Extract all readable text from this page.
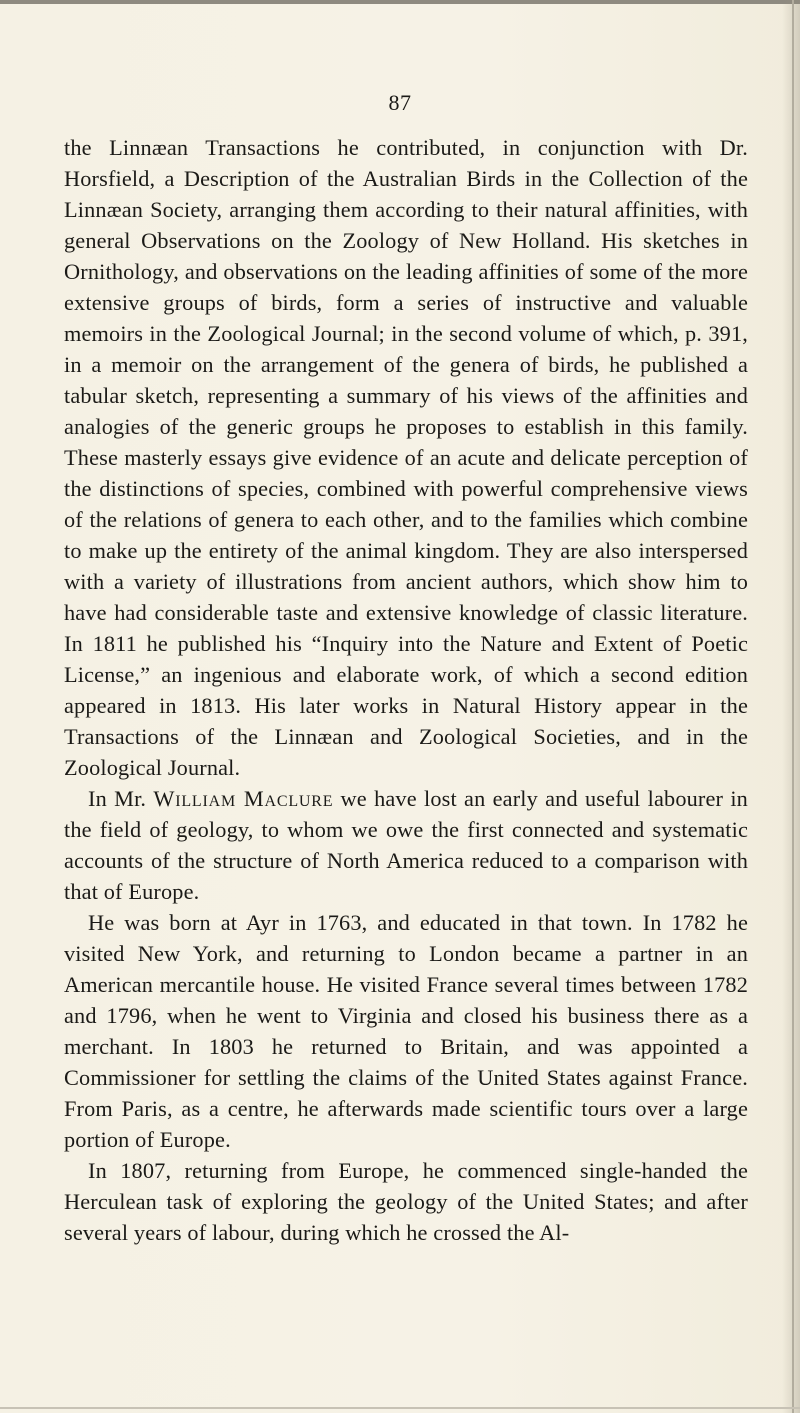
87

the Linnæan Transactions he contributed, in conjunction with Dr. Horsfield, a Description of the Australian Birds in the Collection of the Linnæan Society, arranging them according to their natural affinities, with general Observations on the Zoology of New Holland. His sketches in Ornithology, and observations on the leading affinities of some of the more extensive groups of birds, form a series of instructive and valuable memoirs in the Zoological Journal; in the second volume of which, p. 391, in a memoir on the arrangement of the genera of birds, he published a tabular sketch, representing a summary of his views of the affinities and analogies of the generic groups he proposes to establish in this family. These masterly essays give evidence of an acute and delicate perception of the distinctions of species, combined with powerful comprehensive views of the relations of genera to each other, and to the families which combine to make up the entirety of the animal kingdom. They are also interspersed with a variety of illustrations from ancient authors, which show him to have had considerable taste and extensive knowledge of classic literature. In 1811 he published his “Inquiry into the Nature and Extent of Poetic License,” an ingenious and elaborate work, of which a second edition appeared in 1813. His later works in Natural History appear in the Transactions of the Linnæan and Zoological Societies, and in the Zoological Journal.

In Mr. William Maclure we have lost an early and useful labourer in the field of geology, to whom we owe the first connected and systematic accounts of the structure of North America reduced to a comparison with that of Europe.

He was born at Ayr in 1763, and educated in that town. In 1782 he visited New York, and returning to London became a partner in an American mercantile house. He visited France several times between 1782 and 1796, when he went to Virginia and closed his business there as a merchant. In 1803 he returned to Britain, and was appointed a Commissioner for settling the claims of the United States against France. From Paris, as a centre, he afterwards made scientific tours over a large portion of Europe.

In 1807, returning from Europe, he commenced single-handed the Herculean task of exploring the geology of the United States; and after several years of labour, during which he crossed the Al-
